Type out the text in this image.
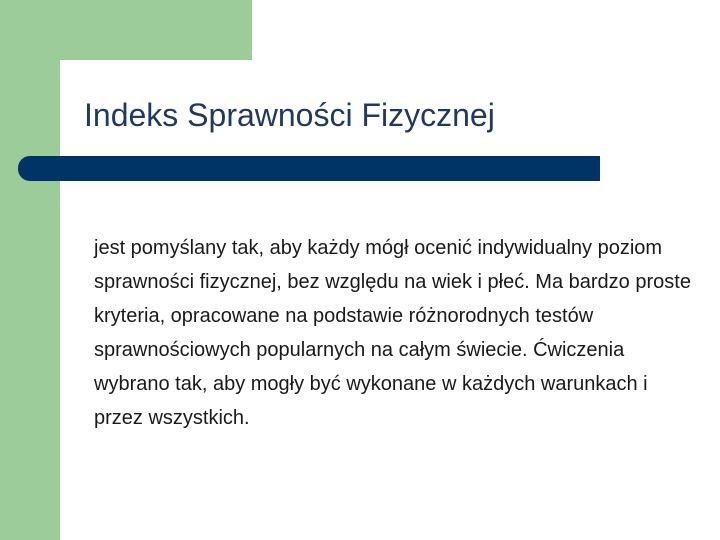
Indeks Sprawności Fizycznej

jest pomyślany tak, aby każdy mógł ocenić indywidualny poziom sprawności fizycznej, bez względu na wiek i płeć. Ma bardzo proste kryteria, opracowane na podstawie różnorodnych testów sprawnościowych popularnych na całym świecie. Ćwiczenia wybrano tak, aby mogły być wykonane w każdych warunkach i przez wszystkich.
